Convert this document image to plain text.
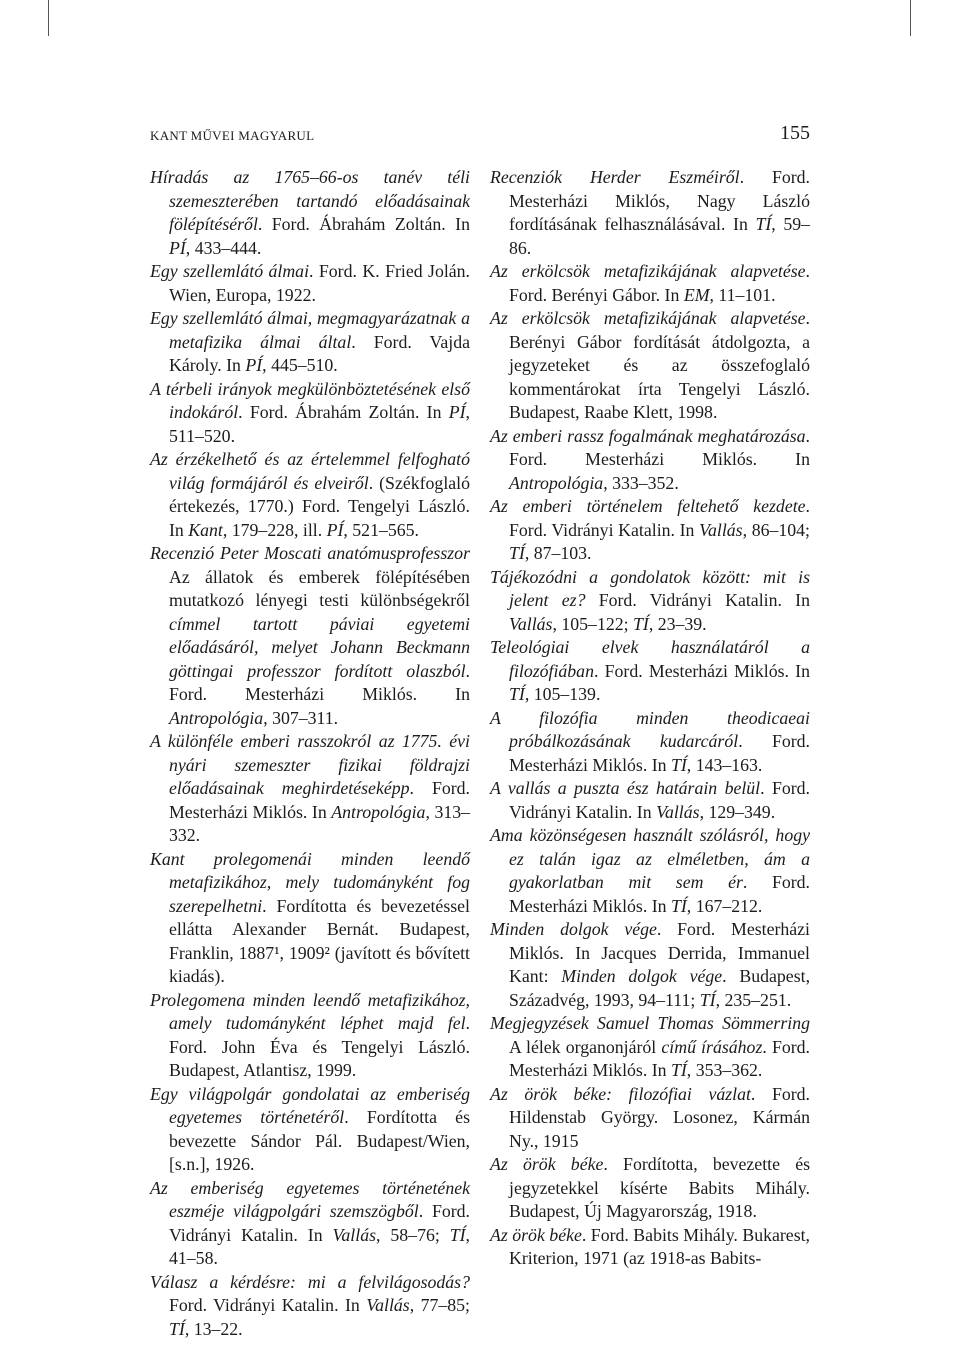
KANT MŰVEI MAGYARUL	155

Híradás az 1765–66-os tanév téli szemeszterében tartandó előadásainak fölépítéséről. Ford. Ábrahám Zoltán. In PÍ, 433–444.

Egy szellemlátó álmai. Ford. K. Fried Jolán. Wien, Europa, 1922.

Egy szellemlátó álmai, megmagyarázatnak a metafizika álmai által. Ford. Vajda Károly. In PÍ, 445–510.

A térbeli irányok megkülönböztetésének első indokáról. Ford. Ábrahám Zoltán. In PÍ, 511–520.

Az érzékelhető és az értelemmel felfogható világ formájáról és elveiről. (Székfoglaló értekezés, 1770.) Ford. Tengelyi László. In Kant, 179–228, ill. PÍ, 521–565.

Recenzió Peter Moscati anatómusprofesszor Az állatok és emberek fölépítésében mutatkozó lényegi testi különbségekről címmel tartott páviai egyetemi előadásáról, melyet Johann Beckmann göttingai professzor fordított olaszból. Ford. Mesterházi Miklós. In Antropológia, 307–311.

A különféle emberi rasszokról az 1775. évi nyári szemeszter fizikai földrajzi előadásainak meghirdetéseképp. Ford. Mesterházi Miklós. In Antropológia, 313–332.

Kant prolegomenái minden leendő metafizikához, mely tudományként fog szerepelhetni. Fordította és bevezetéssel ellátta Alexander Bernát. Budapest, Franklin, 1887¹, 1909² (javított és bővített kiadás).

Prolegomena minden leendő metafizikához, amely tudományként léphet majd fel. Ford. John Éva és Tengelyi László. Budapest, Atlantisz, 1999.

Egy világpolgár gondolatai az emberiség egyetemes történetéről. Fordította és bevezette Sándor Pál. Budapest/Wien, [s.n.], 1926.

Az emberiség egyetemes történetének eszméje világpolgári szemszögből. Ford. Vidrányi Katalin. In Vallás, 58–76; TÍ, 41–58.

Válasz a kérdésre: mi a felvilágosodás? Ford. Vidrányi Katalin. In Vallás, 77–85; TÍ, 13–22.

Recenziók Herder Eszméiről. Ford. Mesterházi Miklós, Nagy László fordításának felhasználásával. In TÍ, 59–86.

Az erkölcsök metafizikájának alapvetése. Ford. Berényi Gábor. In EM, 11–101.

Az erkölcsök metafizikájának alapvetése. Berényi Gábor fordítását átdolgozta, a jegyzeteket és az összefoglaló kommentárokat írta Tengelyi László. Budapest, Raabe Klett, 1998.

Az emberi rassz fogalmának meghatározása. Ford. Mesterházi Miklós. In Antropológia, 333–352.

Az emberi történelem feltehető kezdete. Ford. Vidrányi Katalin. In Vallás, 86–104; TÍ, 87–103.

Tájékozódni a gondolatok között: mit is jelent ez? Ford. Vidrányi Katalin. In Vallás, 105–122; TÍ, 23–39.

Teleológiai elvek használatáról a filozófiában. Ford. Mesterházi Miklós. In TÍ, 105–139.

A filozófia minden theodicaeai próbálkozásának kudarcáról. Ford. Mesterházi Miklós. In TÍ, 143–163.

A vallás a puszta ész határain belül. Ford. Vidrányi Katalin. In Vallás, 129–349.

Ama közönségesen használt szólásról, hogy ez talán igaz az elméletben, ám a gyakorlatban mit sem ér. Ford. Mesterházi Miklós. In TÍ, 167–212.

Minden dolgok vége. Ford. Mesterházi Miklós. In Jacques Derrida, Immanuel Kant: Minden dolgok vége. Budapest, Századvég, 1993, 94–111; TÍ, 235–251.

Megjegyzések Samuel Thomas Sömmerring A lélek organonjáról című írásához. Ford. Mesterházi Miklós. In TÍ, 353–362.

Az örök béke: filozófiai vázlat. Ford. Hildenstab György. Losonez, Kármán Ny., 1915

Az örök béke. Fordította, bevezette és jegyzetekkel kísérte Babits Mihály. Budapest, Új Magyarország, 1918.

Az örök béke. Ford. Babits Mihály. Bukarest, Kriterion, 1971 (az 1918-as Babits-
